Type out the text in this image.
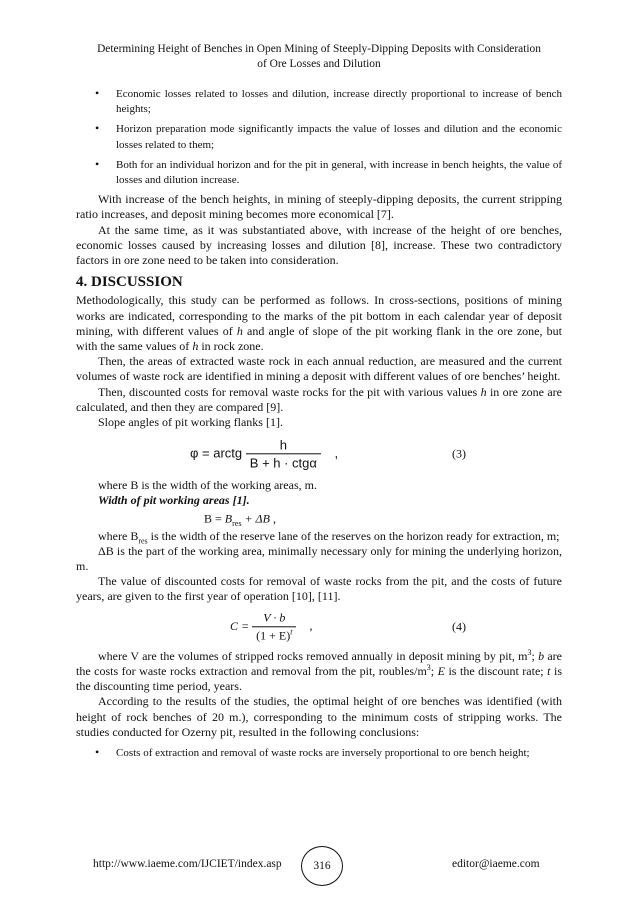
Determining Height of Benches in Open Mining of Steeply-Dipping Deposits with Consideration
of Ore Losses and Dilution
• Economic losses related to losses and dilution, increase directly proportional to increase of bench heights;
• Horizon preparation mode significantly impacts the value of losses and dilution and the economic losses related to them;
• Both for an individual horizon and for the pit in general, with increase in bench heights, the value of losses and dilution increase.

With increase of the bench heights, in mining of steeply-dipping deposits, the current stripping ratio increases, and deposit mining becomes more economical [7].

At the same time, as it was substantiated above, with increase of the height of ore benches, economic losses caused by increasing losses and dilution [8], increase. These two contradictory factors in ore zone need to be taken into consideration.

4. DISCUSSION

Methodologically, this study can be performed as follows. In cross-sections, positions of mining works are indicated, corresponding to the marks of the pit bottom in each calendar year of deposit mining, with different values of h and angle of slope of the pit working flank in the ore zone, but with the same values of h in rock zone.

Then, the areas of extracted waste rock in each annual reduction, are measured and the current volumes of waste rock are identified in mining a deposit with different values of ore benches’ height.

Then, discounted costs for removal waste rocks for the pit with various values h in ore zone are calculated, and then they are compared [9].

Slope angles of pit working flanks [1].

φ = arctg $\frac{h}{\text{B + h · ctgα}}$ ,	(3)

where B is the width of the working areas, m.

Width of pit working areas [1].

$B = B_{res} + \Delta B$ ,

where $B_{res}$ is the width of the reserve lane of the reserves on the horizon ready for extraction, m;

ΔB is the part of the working area, minimally necessary only for mining the underlying horizon, m.

The value of discounted costs for removal of waste rocks from the pit, and the costs of future years, are given to the first year of operation [10], [11].

$C = \frac{V \cdot b}{(1 + E)^t}$ ,	(4)

where V are the volumes of stripped rocks removed annually in deposit mining by pit, $m^3$; b are the costs for waste rocks extraction and removal from the pit, roubles/$m^3$; E is the discount rate; t is the discounting time period, years.

According to the results of the studies, the optimal height of ore benches was identified (with height of rock benches of 20 m.), corresponding to the minimum costs of stripping works. The studies conducted for Ozerny pit, resulted in the following conclusions:

• Costs of extraction and removal of waste rocks are inversely proportional to ore bench height;
http://www.iaeme.com/IJCIET/index.asp	316	editor@iaeme.com
